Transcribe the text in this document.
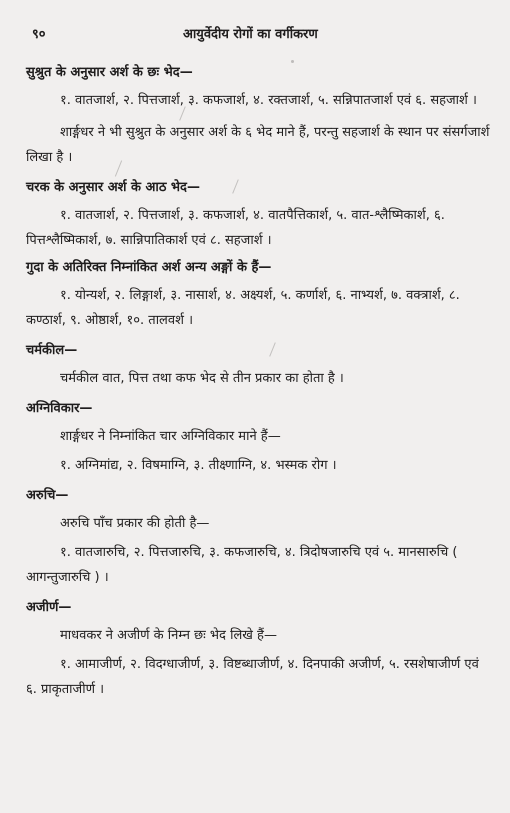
९०	आयुर्वेदीय रोगों का वर्गीकरण
सुश्रुत के अनुसार अर्श के छः भेद—

१. वातजार्श, २. पित्तजार्श, ३. कफजार्श, ४. रक्तजार्श, ५. सन्निपातजार्श एवं ६. सहजार्श ।

शार्ङ्गधर ने भी सुश्रुत के अनुसार अर्श के ६ भेद माने हैं, परन्तु सहजार्श के स्थान पर संसर्गजार्श लिखा है ।

चरक के अनुसार अर्श के आठ भेद—

१. वातजार्श, २. पित्तजार्श, ३. कफजार्श, ४. वातपैत्तिकार्श, ५. वात-श्लैष्मिकार्श, ६. पित्तश्लैष्मिकार्श, ७. सान्निपातिकार्श एवं ८. सहजार्श ।

गुदा के अतिरिक्त निम्नांकित अर्श अन्य अङ्गों के हैं—

१. योन्यर्श, २. लिङ्गार्श, ३. नासार्श, ४. अक्ष्यर्श, ५. कर्णार्श, ६. नाभ्यर्श, ७. वक्त्रार्श, ८. कण्ठार्श, ९. ओष्ठार्श, १०. तालवर्श ।

चर्मकील—

चर्मकील वात, पित्त तथा कफ भेद से तीन प्रकार का होता है ।

अग्निविकार—

शार्ङ्गधर ने निम्नांकित चार अग्निविकार माने हैं—

१. अग्निमांद्य, २. विषमाग्नि, ३. तीक्ष्णाग्नि, ४. भस्मक रोग ।

अरुचि—

अरुचि पाँच प्रकार की होती है—

१. वातजारुचि, २. पित्तजारुचि, ३. कफजारुचि, ४. त्रिदोषजारुचि एवं ५. मानसारुचि ( आगन्तुजारुचि ) ।

अजीर्ण—

माधवकर ने अजीर्ण के निम्न छः भेद लिखे हैं—

१. आमाजीर्ण, २. विदग्धाजीर्ण, ३. विष्टब्धाजीर्ण, ४. दिनपाकी अजीर्ण, ५. रसशेषाजीर्ण एवं ६. प्राकृताजीर्ण ।
